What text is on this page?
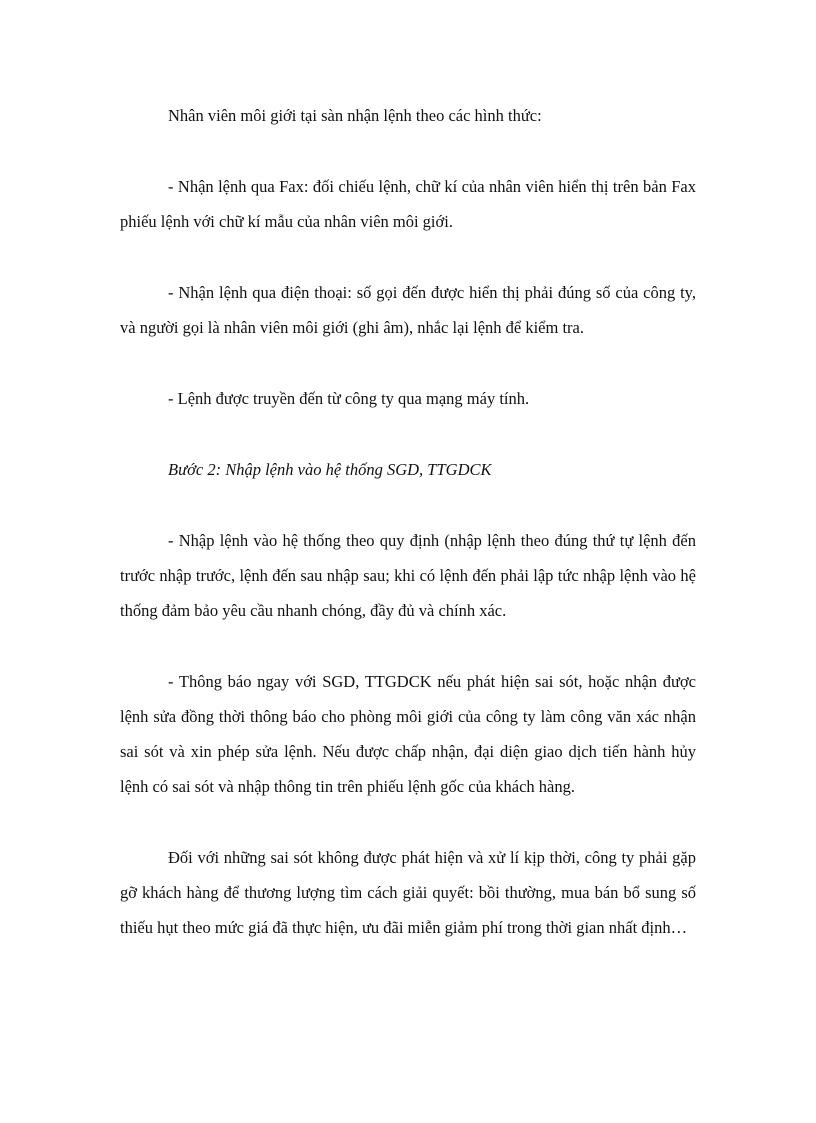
Nhân viên môi giới tại sàn nhận lệnh theo các hình thức:

- Nhận lệnh qua Fax: đối chiếu lệnh, chữ kí của nhân viên hiển thị trên bản Fax phiếu lệnh với chữ kí mẫu của nhân viên môi giới.

- Nhận lệnh qua điện thoại: số gọi đến được hiển thị phải đúng số của công ty, và người gọi là nhân viên môi giới (ghi âm), nhắc lại lệnh để kiểm tra.

- Lệnh được truyền đến từ công ty qua mạng máy tính.

Bước 2: Nhập lệnh vào hệ thống SGD, TTGDCK

- Nhập lệnh vào hệ thống theo quy định (nhập lệnh theo đúng thứ tự lệnh đến trước nhập trước, lệnh đến sau nhập sau; khi có lệnh đến phải lập tức nhập lệnh vào hệ thống đảm bảo yêu cầu nhanh chóng, đầy đủ và chính xác.

- Thông báo ngay với SGD, TTGDCK nếu phát hiện sai sót, hoặc nhận được lệnh sửa đồng thời thông báo cho phòng môi giới của công ty làm công văn xác nhận sai sót và xin phép sửa lệnh. Nếu được chấp nhận, đại diện giao dịch tiến hành hủy lệnh có sai sót và nhập thông tin trên phiếu lệnh gốc của khách hàng.

Đối với những sai sót không được phát hiện và xử lí kịp thời, công ty phải gặp gỡ khách hàng để thương lượng tìm cách giải quyết: bồi thường, mua bán bổ sung số thiếu hụt theo mức giá đã thực hiện, ưu đãi miễn giảm phí trong thời gian nhất định…
